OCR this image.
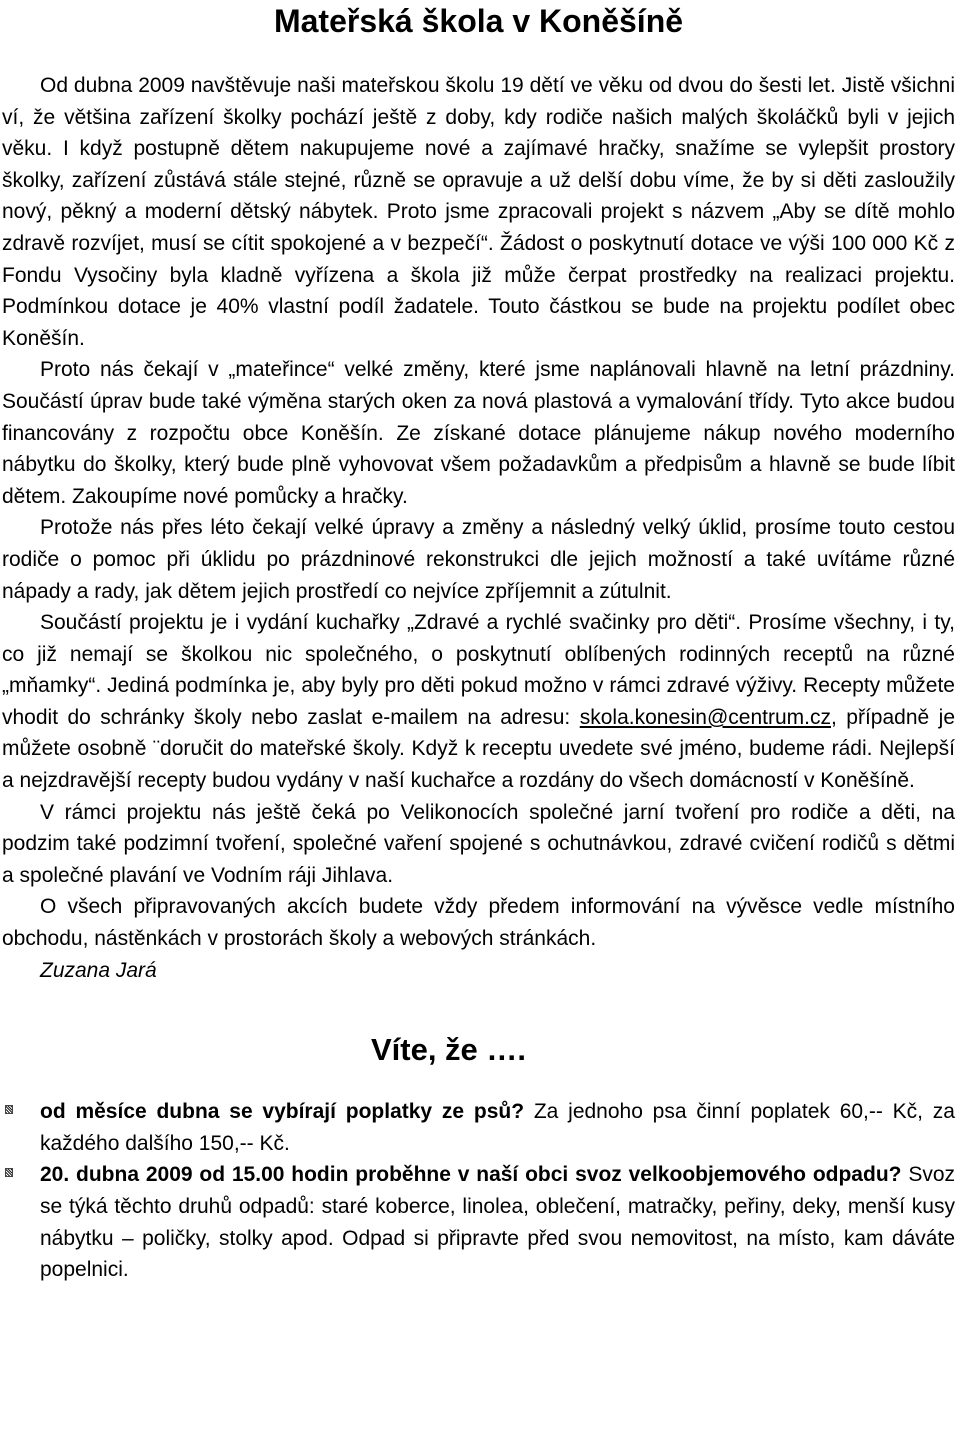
Mateřská škola v Koněšíně

Od dubna 2009 navštěvuje naši mateřskou školu 19 dětí ve věku od dvou do šesti let. Jistě všichni ví, že většina zařízení školky pochází ještě z doby, kdy rodiče našich malých školáčků byli v jejich věku. I když postupně dětem nakupujeme nové a zajímavé hračky, snažíme se vylepšit prostory školky, zařízení zůstává stále stejné, různě se opravuje a už delší dobu víme, že by si děti zasloužily nový, pěkný a moderní dětský nábytek. Proto jsme zpracovali projekt s názvem „Aby se dítě mohlo zdravě rozvíjet, musí se cítit spokojené a v bezpečí“. Žádost o poskytnutí dotace ve výši 100 000 Kč z Fondu Vysočiny byla kladně vyřízena a škola již může čerpat prostředky na realizaci projektu. Podmínkou dotace je 40% vlastní podíl žadatele. Touto částkou se bude na projektu podílet obec Koněšín.

Proto nás čekají v „mateřince“ velké změny, které jsme naplánovali hlavně na letní prázdniny. Součástí úprav bude také výměna starých oken za nová plastová a vymalování třídy. Tyto akce budou financovány z rozpočtu obce Koněšín. Ze získané dotace plánujeme nákup nového moderního nábytku do školky, který bude plně vyhovovat všem požadavkům a předpisům a hlavně se bude líbit dětem. Zakoupíme nové pomůcky a hračky.

Protože nás přes léto čekají velké úpravy a změny a následný velký úklid, prosíme touto cestou rodiče o pomoc při úklidu po prázdninové rekonstrukci dle jejich možností a také uvítáme různé nápady a rady, jak dětem jejich prostředí co nejvíce zpříjemnit a zútulnit.

Součástí projektu je i vydání kuchařky „Zdravé a rychlé svačinky pro děti“. Prosíme všechny, i ty, co již nemají se školkou nic společného, o poskytnutí oblíbených rodinných receptů na různé „mňamky“. Jediná podmínka je, aby byly pro děti pokud možno v rámci zdravé výživy. Recepty můžete vhodit do schránky školy nebo zaslat e-mailem na adresu: skola.konesin@centrum.cz, případně je můžete osobně ¨doručit do mateřské školy. Když k receptu uvedete své jméno, budeme rádi. Nejlepší a nejzdravější recepty budou vydány v naší kuchařce a rozdány do všech domácností v Koněšíně.

V rámci projektu nás ještě čeká po Velikonocích společné jarní tvoření pro rodiče a děti, na podzim také podzimní tvoření, společné vaření spojené s ochutnávkou, zdravé cvičení rodičů s dětmi a společné plavání ve Vodním ráji Jihlava.

O všech připravovaných akcích budete vždy předem informování na vývěsce vedle místního obchodu, nástěnkách v prostorách školy a webových stránkách.

Zuzana Jará

Víte, že ….
od měsíce dubna se vybírají poplatky ze psů? Za jednoho psa činní poplatek 60,-- Kč, za každého dalšího 150,-- Kč.
20. dubna 2009 od 15.00 hodin proběhne v naší obci svoz velkoobjemového odpadu? Svoz se týká těchto druhů odpadů: staré koberce, linolea, oblečení, matračky, peřiny, deky, menší kusy nábytku – poličky, stolky apod. Odpad si připravte před svou nemovitost, na místo, kam dáváte popelnici.
